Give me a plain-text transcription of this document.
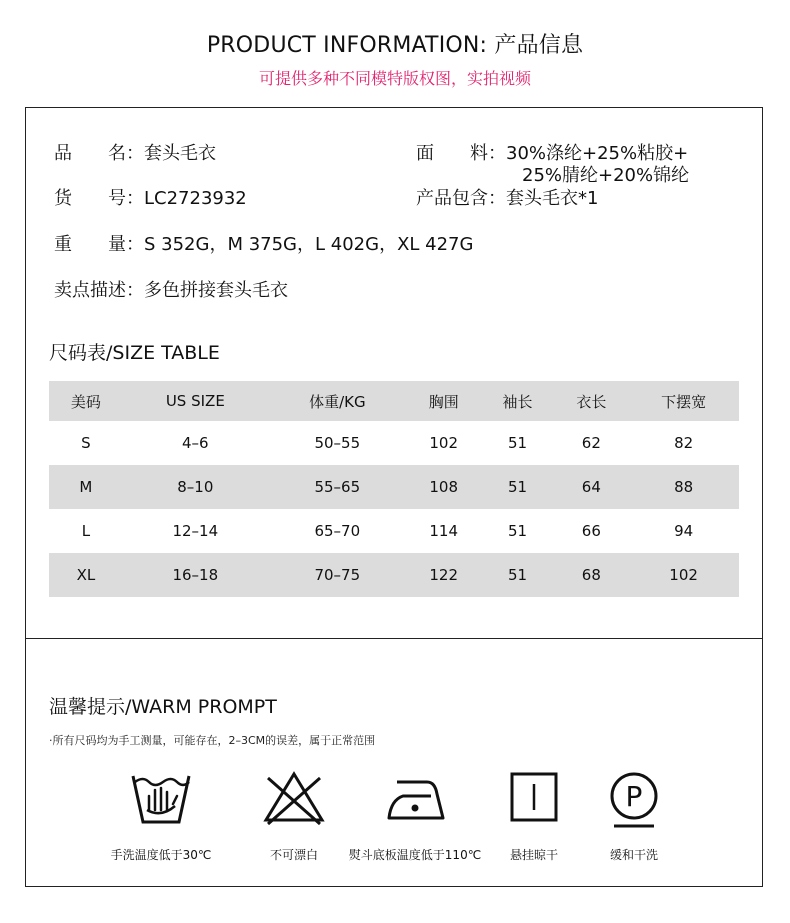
PRODUCT INFORMATION: 产品信息
可提供多种不同模特版权图，实拍视频
品　　名：套头毛衣	面　　料：30%涤纶+25%粘胶+
25%腈纶+20%锦纶
货　　号：LC2723932	产品包含：套头毛衣*1
重　　量：S 352G，M 375G，L 402G，XL 427G
卖点描述：多色拼接套头毛衣
尺码表/SIZE TABLE
美码	US SIZE	体重/KG	胸围	袖长	衣长	下摆宽
S	4–6	50–55	102	51	62	82
M	8–10	55–65	108	51	64	88
L	12–14	65–70	114	51	66	94
XL	16–18	70–75	122	51	68	102
温馨提示/WARM PROMPT
·所有尺码均为手工测量，可能存在，2–3CM的误差，属于正常范围
手洗温度低于30℃	不可漂白	熨斗底板温度低于110℃	悬挂晾干
P
缓和干洗
